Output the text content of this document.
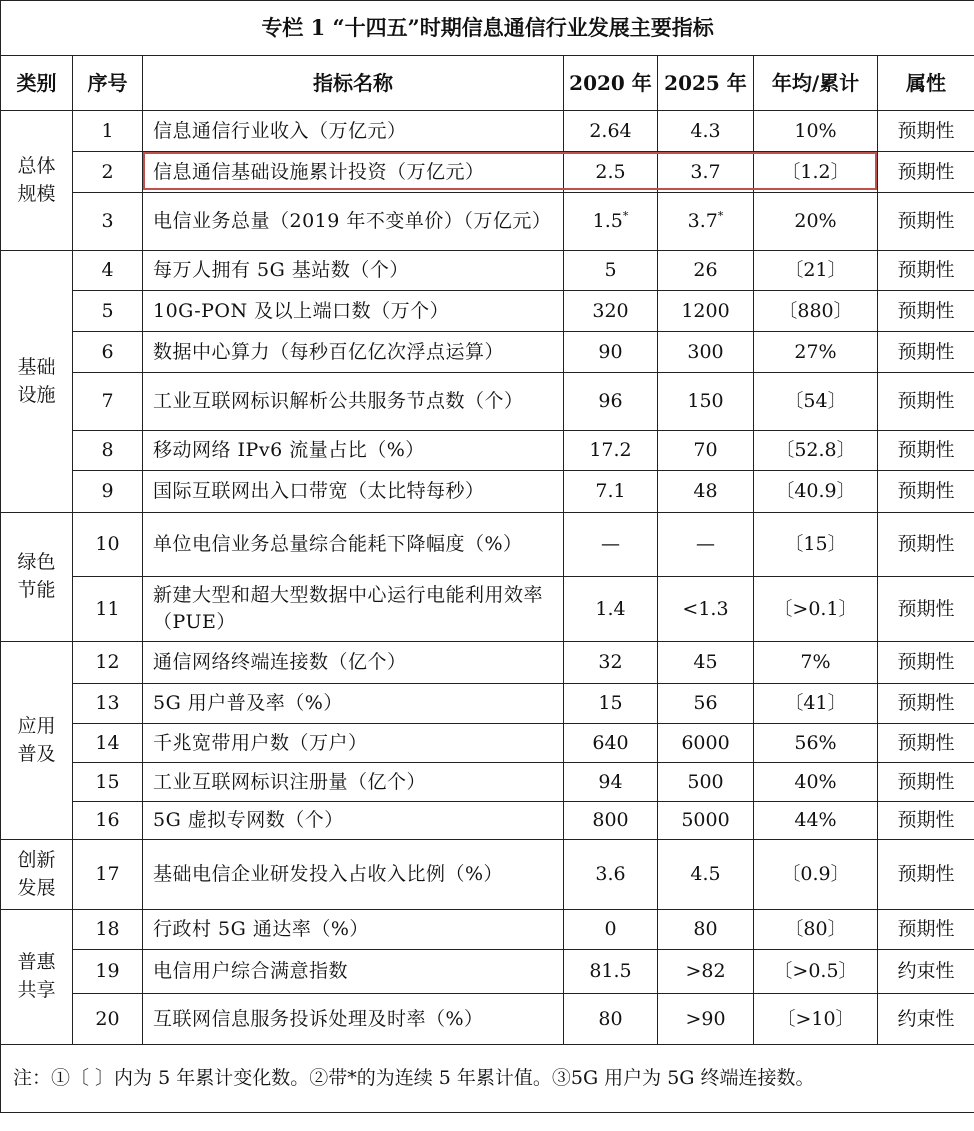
专栏 1 “十四五”时期信息通信行业发展主要指标						
类别	序号	指标名称	2020 年	2025 年	年均/累计	属性
总体规模	1	信息通信行业收入（万亿元）	2.64	4.3	10%	预期性
	2	信息通信基础设施累计投资（万亿元）	2.5	3.7	〔1.2〕	预期性
	3	电信业务总量（2019 年不变单价）（万亿元）	1.5*	3.7*	20%	预期性
基础设施	4	每万人拥有 5G 基站数（个）	5	26	〔21〕	预期性
	5	10G-PON 及以上端口数（万个）	320	1200	〔880〕	预期性
	6	数据中心算力（每秒百亿亿次浮点运算）	90	300	27%	预期性
	7	工业互联网标识解析公共服务节点数（个）	96	150	〔54〕	预期性
	8	移动网络 IPv6 流量占比（%）	17.2	70	〔52.8〕	预期性
	9	国际互联网出入口带宽（太比特每秒）	7.1	48	〔40.9〕	预期性
绿色节能	10	单位电信业务总量综合能耗下降幅度（%）	—	—	〔15〕	预期性
	11	新建大型和超大型数据中心运行电能利用效率（PUE）	1.4	<1.3	〔>0.1〕	预期性
应用普及	12	通信网络终端连接数（亿个）	32	45	7%	预期性
	13	5G 用户普及率（%）	15	56	〔41〕	预期性
	14	千兆宽带用户数（万户）	640	6000	56%	预期性
	15	工业互联网标识注册量（亿个）	94	500	40%	预期性
	16	5G 虚拟专网数（个）	800	5000	44%	预期性
创新发展	17	基础电信企业研发投入占收入比例（%）	3.6	4.5	〔0.9〕	预期性
普惠共享	18	行政村 5G 通达率（%）	0	80	〔80〕	预期性
	19	电信用户综合满意指数	81.5	>82	〔>0.5〕	约束性
	20	互联网信息服务投诉处理及时率（%）	80	>90	〔>10〕	约束性
注：①〔 〕内为 5 年累计变化数。②带*的为连续 5 年累计值。③5G 用户为 5G 终端连接数。						
